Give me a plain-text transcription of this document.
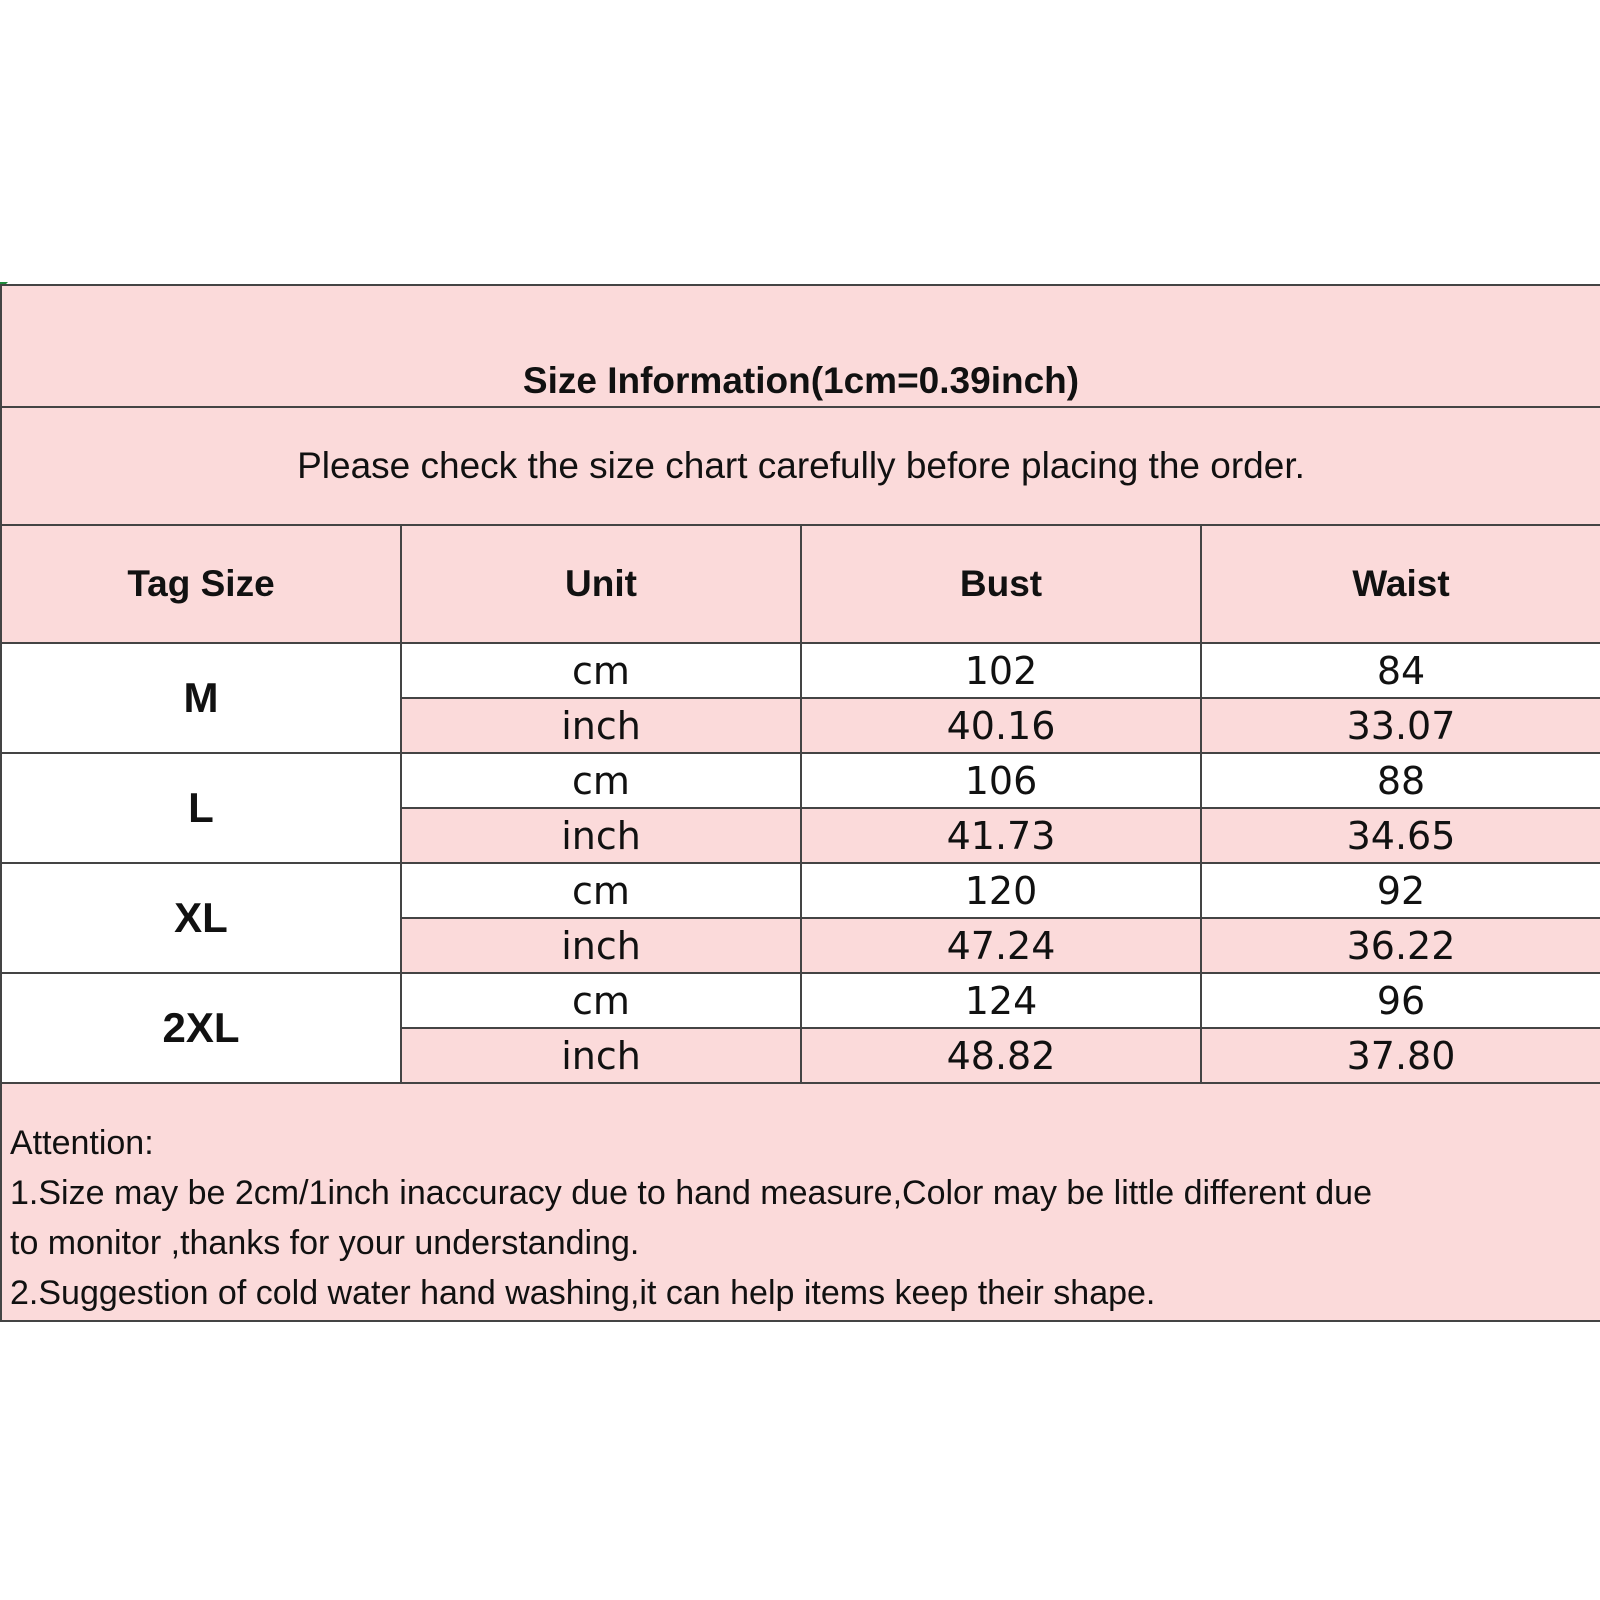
Size Information(1cm=0.39inch)			
Please check the size chart carefully before placing the order.			
Tag Size	Unit	Bust	Waist
M	cm	102	84
	inch	40.16	33.07
L	cm	106	88
	inch	41.73	34.65
XL	cm	120	92
	inch	47.24	36.22
2XL	cm	124	96
	inch	48.82	37.80

Attention:
1.Size may be 2cm/1inch inaccuracy due to hand measure,Color may be little different due
to monitor ,thanks for your understanding.
2.Suggestion of cold water hand washing,it can help items keep their shape.			
